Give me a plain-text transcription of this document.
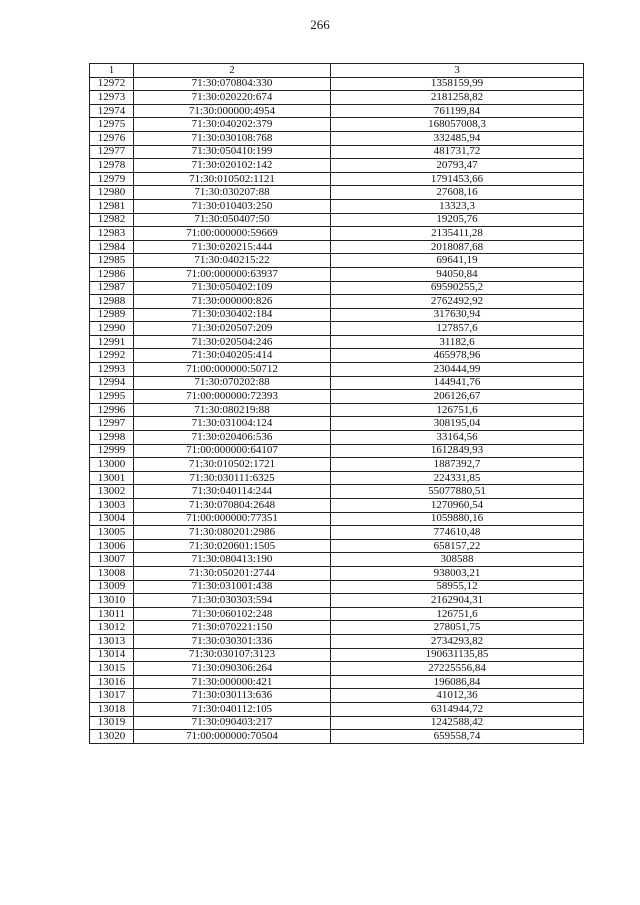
266
1	2	3
12972	71:30:070804:330	1358159,99
12973	71:30:020220:674	2181258,82
12974	71:30:000000:4954	761199,84
12975	71:30:040202:379	168057008,3
12976	71:30:030108:768	332485,94
12977	71:30:050410:199	481731,72
12978	71:30:020102:142	20793,47
12979	71:30:010502:1121	1791453,66
12980	71:30:030207:88	27608,16
12981	71:30:010403:250	13323,3
12982	71:30:050407:50	19205,76
12983	71:00:000000:59669	2135411,28
12984	71:30:020215:444	2018087,68
12985	71:30:040215:22	69641,19
12986	71:00:000000:63937	94050,84
12987	71:30:050402:109	69590255,2
12988	71:30:000000:826	2762492,92
12989	71:30:030402:184	317630,94
12990	71:30:020507:209	127857,6
12991	71:30:020504:246	31182,6
12992	71:30:040205:414	465978,96
12993	71:00:000000:50712	230444,99
12994	71:30:070202:88	144941,76
12995	71:00:000000:72393	206126,67
12996	71:30:080219:88	126751,6
12997	71:30:031004:124	308195,04
12998	71:30:020406:536	33164,56
12999	71:00:000000:64107	1612849,93
13000	71:30:010502:1721	1887392,7
13001	71:30:030111:6325	224331,85
13002	71:30:040114:244	55077880,51
13003	71:30:070804:2648	1270960,54
13004	71:00:000000:77351	1059880,16
13005	71:30:080201:2986	774610,48
13006	71:30:020601:1505	658157,22
13007	71:30:080413:190	308588
13008	71:30:050201:2744	938003,21
13009	71:30:031001:438	58955,12
13010	71:30:030303:594	2162904,31
13011	71:30:060102:248	126751,6
13012	71:30:070221:150	278051,75
13013	71:30:030301:336	2734293,82
13014	71:30:030107:3123	190631135,85
13015	71:30:090306:264	27225556,84
13016	71:30:000000:421	196086,84
13017	71:30:030113:636	41012,36
13018	71:30:040112:105	6314944,72
13019	71:30:090403:217	1242588,42
13020	71:00:000000:70504	659558,74
